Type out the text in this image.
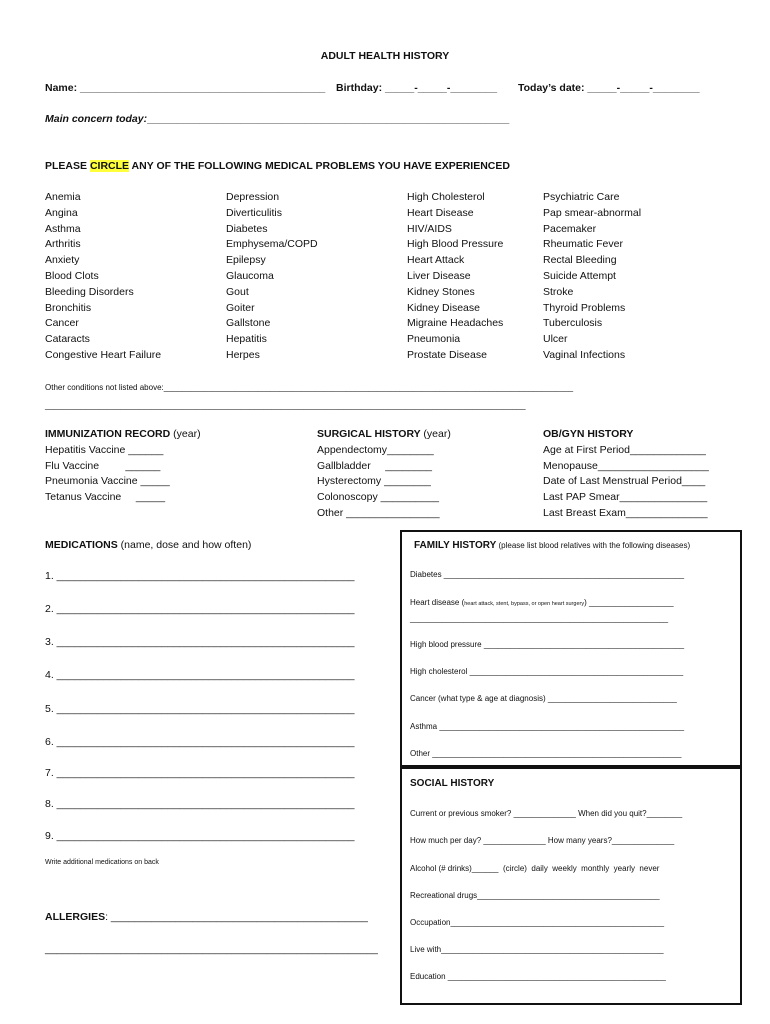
ADULT HEALTH HISTORY
Name: __________________________________________ Birthday: _____-_____-________ Today’s date: _____-_____-________
Main concern today:______________________________________________________________
PLEASE CIRCLE ANY OF THE FOLLOWING MEDICAL PROBLEMS YOU HAVE EXPERIENCED
Anemia
Angina
Asthma
Arthritis
Anxiety
Blood Clots
Bleeding Disorders
Bronchitis
Cancer
Cataracts
Congestive Heart Failure
Depression
Diverticulitis
Diabetes
Emphysema/COPD
Epilepsy
Glaucoma
Gout
Goiter
Gallstone
Hepatitis
Herpes
High Cholesterol
Heart Disease
HIV/AIDS
High Blood Pressure
Heart Attack
Liver Disease
Kidney Stones
Kidney Disease
Migraine Headaches
Pneumonia
Prostate Disease
Psychiatric Care
Pap smear-abnormal
Pacemaker
Rheumatic Fever
Rectal Bleeding
Suicide Attempt
Stroke
Thyroid Problems
Tuberculosis
Ulcer
Vaginal Infections
Other conditions not listed above:____________________________________________________________________________________________
____________________________________________________________________________________________________________
IMMUNIZATION RECORD (year)
Hepatitis Vaccine ______
Flu Vaccine         ______
Pneumonia Vaccine _____
Tetanus Vaccine     _____
SURGICAL HISTORY (year)
Appendectomy________
Gallbladder     ________
Hysterectomy ________
Colonoscopy __________
Other ________________
OB/GYN HISTORY
Age at First Period_____________
Menopause___________________
Date of Last Menstrual Period____
Last PAP Smear_______________
Last Breast Exam______________
MEDICATIONS (name, dose and how often)
1. ___________________________________________________
2. ___________________________________________________
3. ___________________________________________________
4. ___________________________________________________
5. ___________________________________________________
6. ___________________________________________________
7. ___________________________________________________
8. ___________________________________________________
9. ___________________________________________________
Write additional medications on back
ALLERGIES: ____________________________________________
_________________________________________________________
FAMILY HISTORY (please list blood relatives with the following diseases)
Diabetes ______________________________________________________
Heart disease (heart attack, stent, bypass, or open heart surgery) ___________________
__________________________________________________________
High blood pressure _____________________________________________
High cholesterol ________________________________________________
Cancer (what type & age at diagnosis) _____________________________
Asthma _______________________________________________________
Other ________________________________________________________
SOCIAL HISTORY
Current or previous smoker? ______________ When did you quit?________
How much per day? ______________ How many years?______________
Alcohol (# drinks)______  (circle)  daily  weekly  monthly  yearly  never
Recreational drugs_________________________________________
Occupation________________________________________________
Live with__________________________________________________
Education _________________________________________________
